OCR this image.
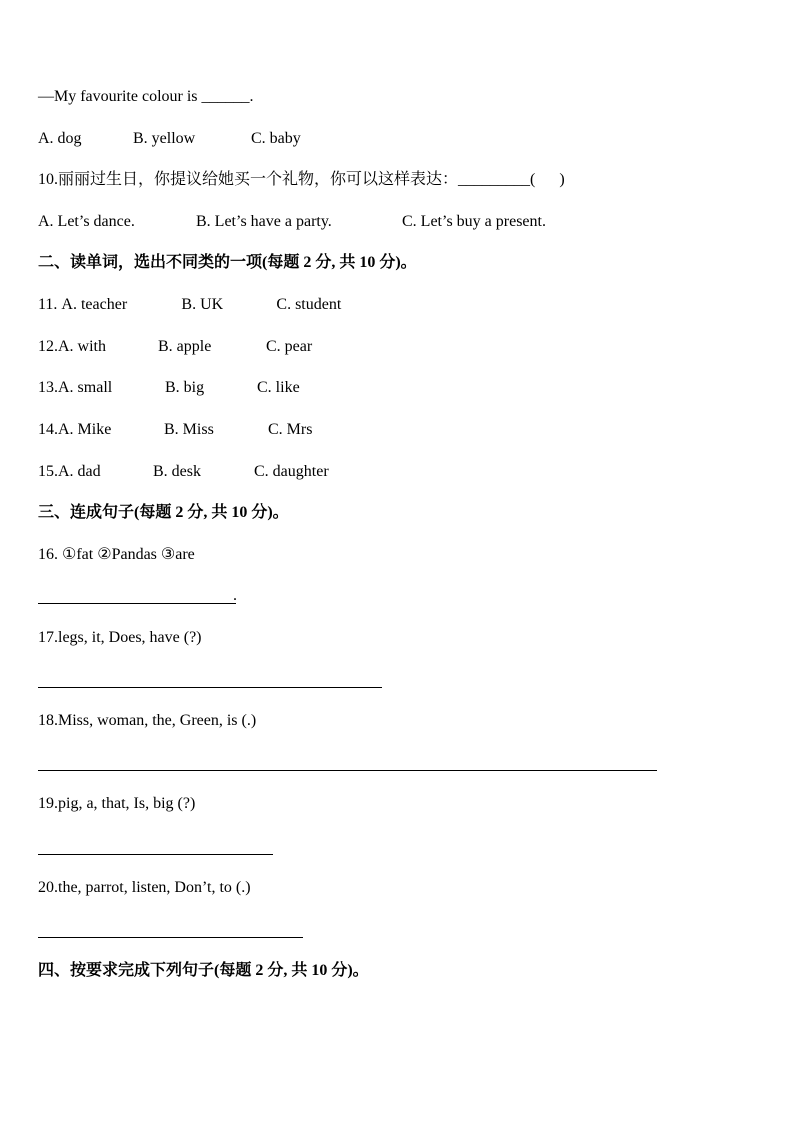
—My favourite colour is ______.
A. dog	B. yellow	C. baby
10.丽丽过生日，你提议给她买一个礼物，你可以这样表达：_________( )
A. Let’s dance.	B. Let’s have a party.	C. Let’s buy a present.
二、读单词，选出不同类的一项(每题 2 分, 共 10 分)。
11. A. teacher	B. UK	C. student
12.A. with	B. apple	C. pear
13.A. small	B. big	C. like
14.A. Mike	B. Miss	C. Mrs
15.A. dad	B. desk	C. daughter
三、连成句子(每题 2 分, 共 10 分)。
16. ①fat ②Pandas ③are
.
17.legs, it, Does, have (?)
18.Miss, woman, the, Green, is (.)
19.pig, a, that, Is, big (?)
20.the, parrot, listen, Don’t, to (.)
四、按要求完成下列句子(每题 2 分, 共 10 分)。
